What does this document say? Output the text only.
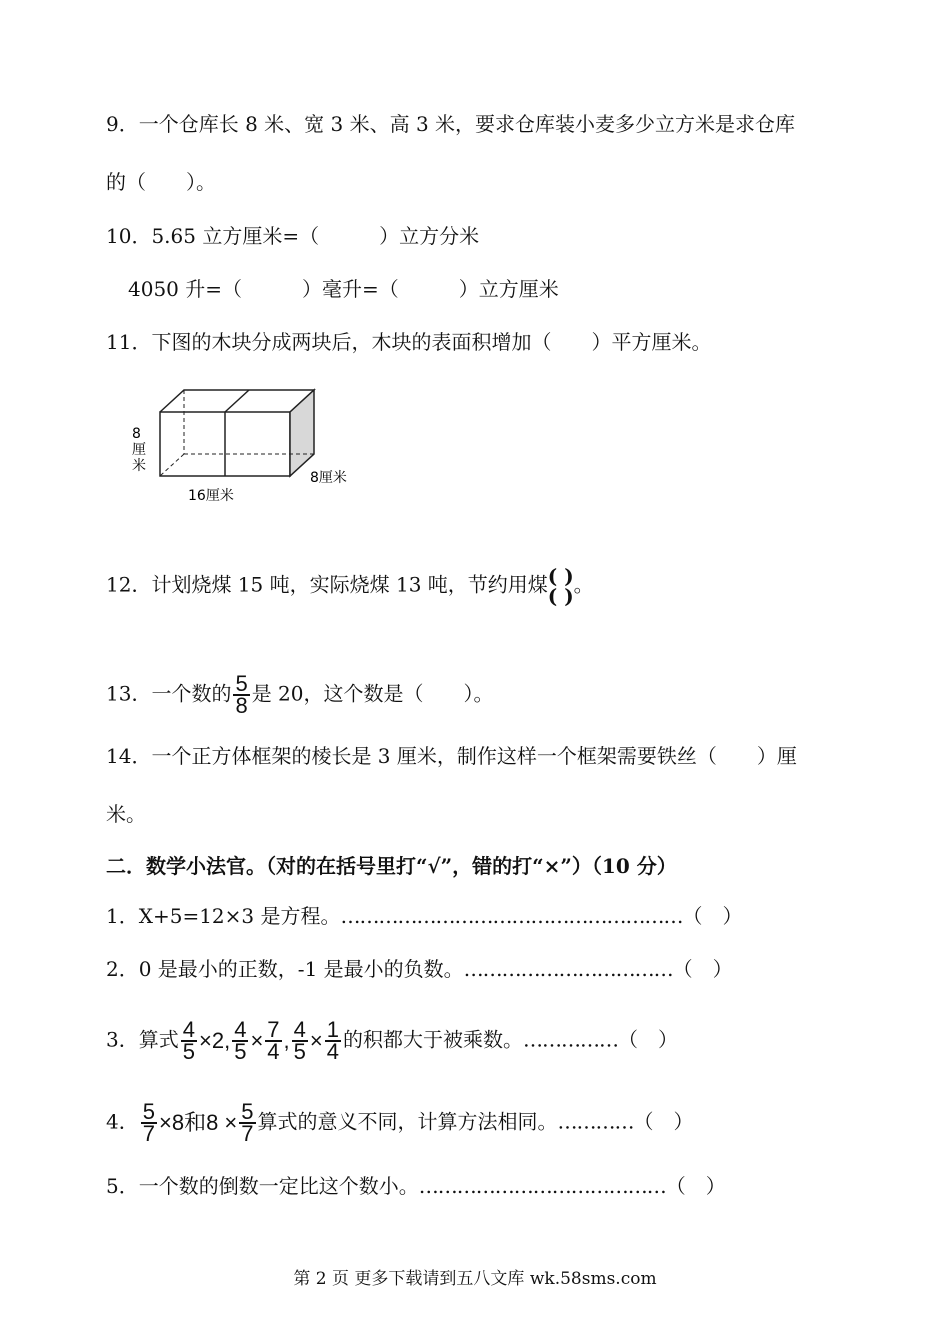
9．一个仓库长 8 米、宽 3 米、高 3 米，要求仓库装小麦多少立方米是求仓库
的（　　）。
10．5.65 立方厘米=（　　　）立方分米
4050 升=（　　　）毫升=（　　　）立方厘米
11．下图的木块分成两块后，木块的表面积增加（　　）平方厘米。
8
厘
米
16厘米
8厘米
12．计划烧煤 15 吨，实际烧煤 13 吨，节约用煤 ( )
( ) 。
13．一个数的 $\frac{5}{8}$ 是 20，这个数是（　　）。
14．一个正方体框架的棱长是 3 厘米，制作这样一个框架需要铁丝（　　）厘
米。
二．数学小法官。（对的在括号里打“√”，错的打“×”）（10 分）
1．X+5=12×3 是方程。………………………………………………（　）
2．0 是最小的正数，-1 是最小的负数。……………………………（　）
3．算式 $\frac{4}{5} \times 2$, $\frac{4}{5} \times \frac{7}{4}$ , $\frac{4}{5} \times \frac{1}{4}$ 的积都大于被乘数。……………（　）
4． $\frac{5}{7} \times 8$和$8 \times \frac{5}{7}$ 算式的意义不同，计算方法相同。…………（　）
5．一个数的倒数一定比这个数小。…………………………………（　）
第 2 页 更多下载请到五八文库 wk.58sms.com
